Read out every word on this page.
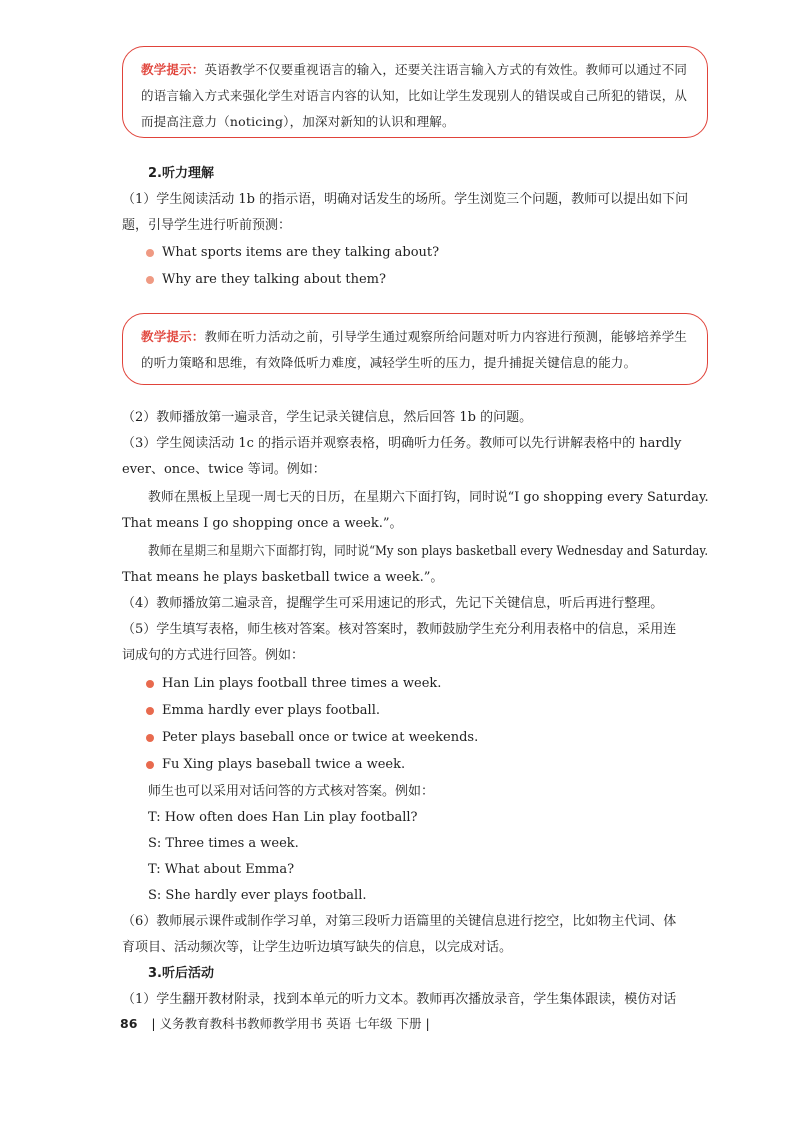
教学提示：英语教学不仅要重视语言的输入，还要关注语言输入方式的有效性。教师可以通过不同
的语言输入方式来强化学生对语言内容的认知，比如让学生发现别人的错误或自己所犯的错误，从
而提高注意力（noticing），加深对新知的认识和理解。
2.听力理解
（1）学生阅读活动 1b 的指示语，明确对话发生的场所。学生浏览三个问题，教师可以提出如下问
题，引导学生进行听前预测：
What sports items are they talking about?
Why are they talking about them?
教学提示：教师在听力活动之前，引导学生通过观察所给问题对听力内容进行预测，能够培养学生
的听力策略和思维，有效降低听力难度，减轻学生听的压力，提升捕捉关键信息的能力。
（2）教师播放第一遍录音，学生记录关键信息，然后回答 1b 的问题。
（3）学生阅读活动 1c 的指示语并观察表格，明确听力任务。教师可以先行讲解表格中的 hardly
ever、once、twice 等词。例如：
教师在黑板上呈现一周七天的日历，在星期六下面打钩，同时说“I go shopping every Saturday.
That means I go shopping once a week.”。
教师在星期三和星期六下面都打钩，同时说“My son plays basketball every Wednesday and Saturday.
That means he plays basketball twice a week.”。
（4）教师播放第二遍录音，提醒学生可采用速记的形式，先记下关键信息，听后再进行整理。
（5）学生填写表格，师生核对答案。核对答案时，教师鼓励学生充分利用表格中的信息，采用连
词成句的方式进行回答。例如：
Han Lin plays football three times a week.
Emma hardly ever plays football.
Peter plays baseball once or twice at weekends.
Fu Xing plays baseball twice a week.
师生也可以采用对话问答的方式核对答案。例如：
T: How often does Han Lin play football?
S: Three times a week.
T: What about Emma?
S: She hardly ever plays football.
（6）教师展示课件或制作学习单，对第三段听力语篇里的关键信息进行挖空，比如物主代词、体
育项目、活动频次等，让学生边听边填写缺失的信息，以完成对话。
3.听后活动
（1）学生翻开教材附录，找到本单元的听力文本。教师再次播放录音，学生集体跟读，模仿对话
86 | 义务教育教科书教师教学用书 英语 七年级 下册 |
